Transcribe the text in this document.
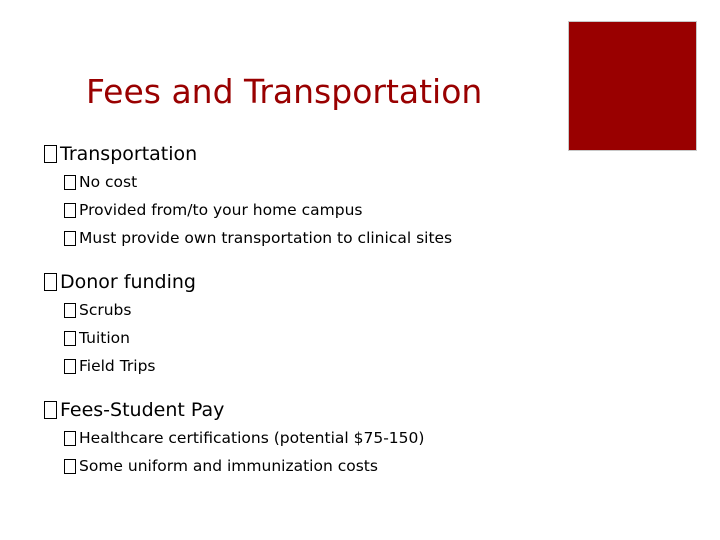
Fees and Transportation
Transportation
No cost
Provided from/to your home campus
Must provide own transportation to clinical sites
Donor funding
Scrubs
Tuition
Field Trips
Fees-Student Pay
Healthcare certifications (potential $75-150)
Some uniform and immunization costs
